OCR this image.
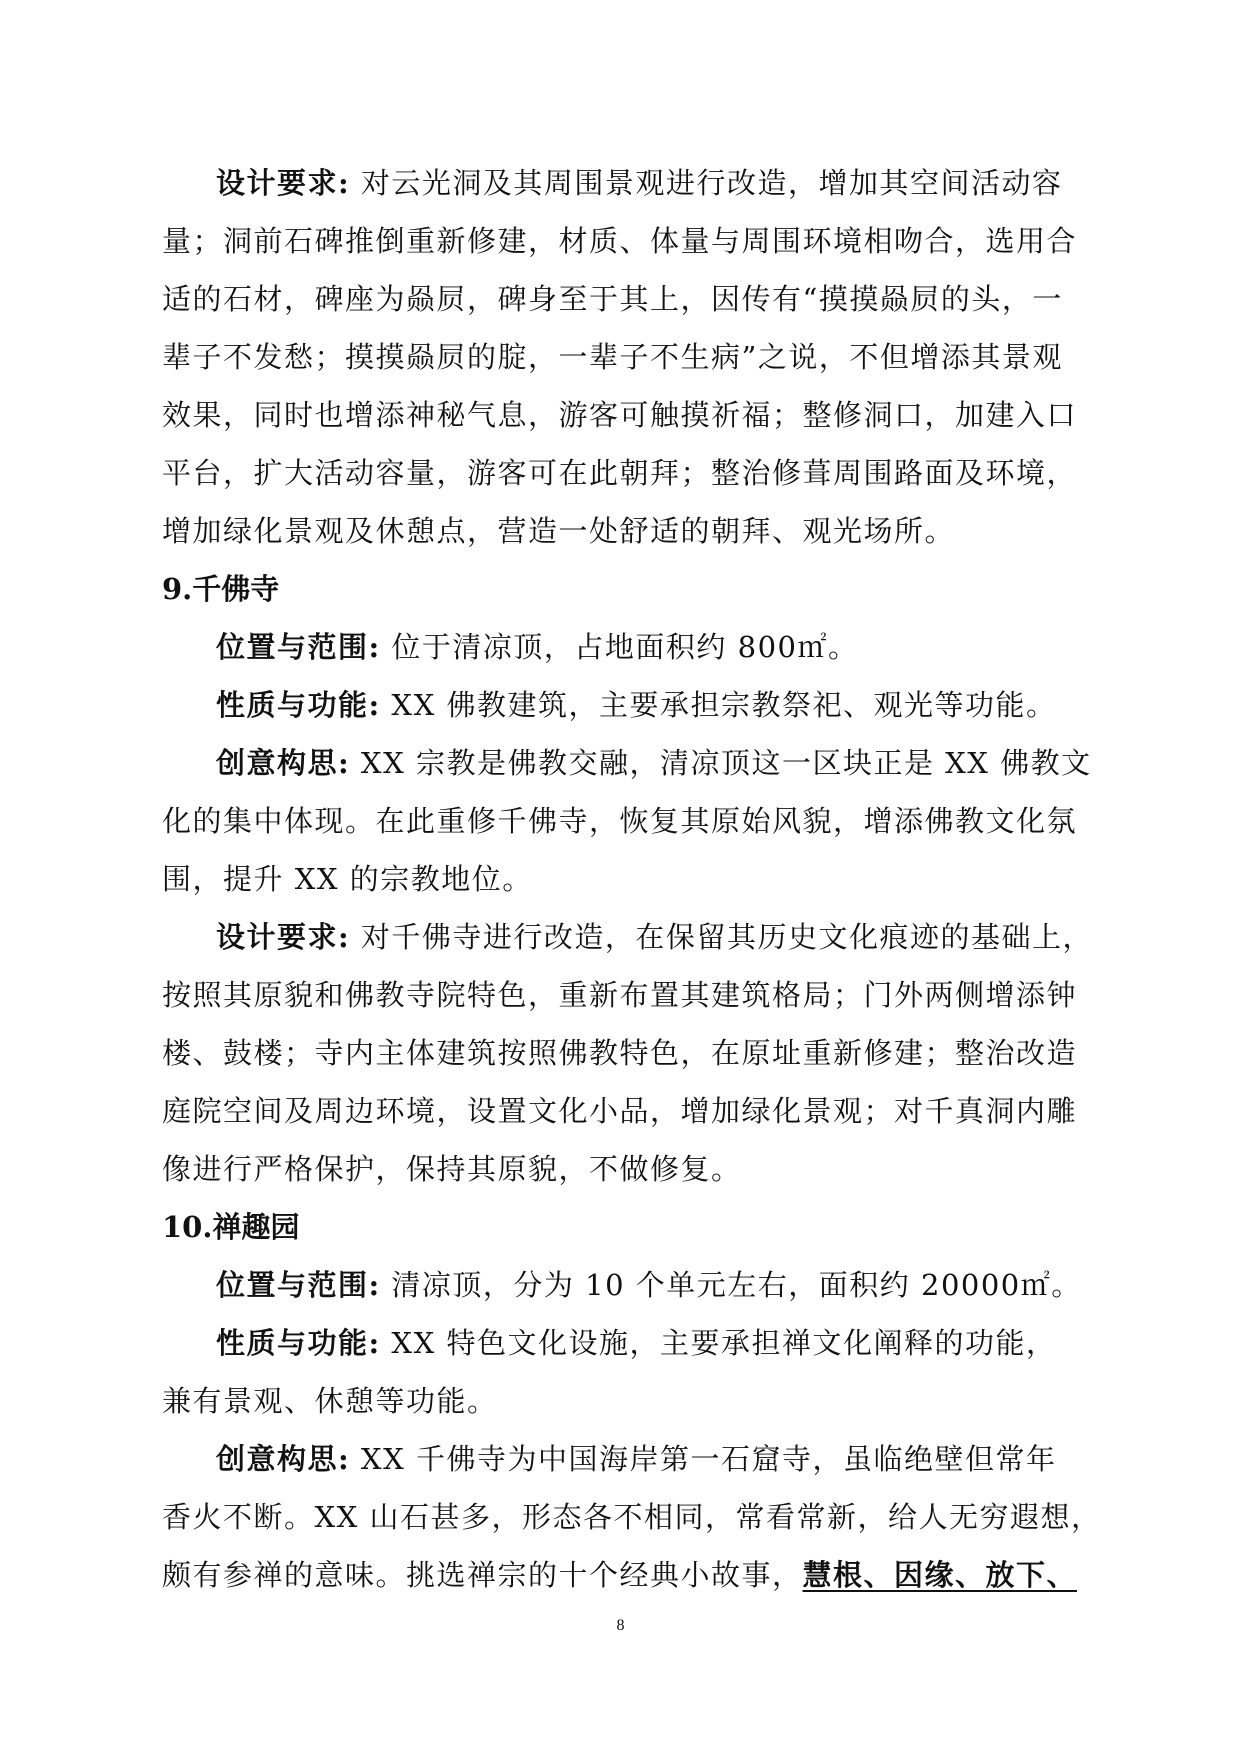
设计要求: 对云光洞及其周围景观进行改造，增加其空间活动容
量；洞前石碑推倒重新修建，材质、体量与周围环境相吻合，选用合
适的石材，碑座为赑屃，碑身至于其上，因传有“摸摸赑屃的头，一
辈子不发愁；摸摸赑屃的腚，一辈子不生病”之说，不但增添其景观
效果，同时也增添神秘气息，游客可触摸祈福；整修洞口，加建入口
平台，扩大活动容量，游客可在此朝拜；整治修葺周围路面及环境，
增加绿化景观及休憩点，营造一处舒适的朝拜、观光场所。
9.千佛寺
位置与范围: 位于清凉顶，占地面积约 800㎡。
性质与功能: XX 佛教建筑，主要承担宗教祭祀、观光等功能。
创意构思: XX 宗教是佛教交融，清凉顶这一区块正是 XX 佛教文
化的集中体现。在此重修千佛寺，恢复其原始风貌，增添佛教文化氛
围，提升 XX 的宗教地位。
设计要求: 对千佛寺进行改造，在保留其历史文化痕迹的基础上，
按照其原貌和佛教寺院特色，重新布置其建筑格局；门外两侧增添钟
楼、鼓楼；寺内主体建筑按照佛教特色，在原址重新修建；整治改造
庭院空间及周边环境，设置文化小品，增加绿化景观；对千真洞内雕
像进行严格保护，保持其原貌，不做修复。
10.禅趣园
位置与范围: 清凉顶，分为 10 个单元左右，面积约 20000㎡。
性质与功能: XX 特色文化设施，主要承担禅文化阐释的功能，
兼有景观、休憩等功能。
创意构思: XX 千佛寺为中国海岸第一石窟寺，虽临绝壁但常年
香火不断。XX 山石甚多，形态各不相同，常看常新，给人无穷遐想，
颇有参禅的意味。挑选禅宗的十个经典小故事，慧根、因缘、放下、
8
